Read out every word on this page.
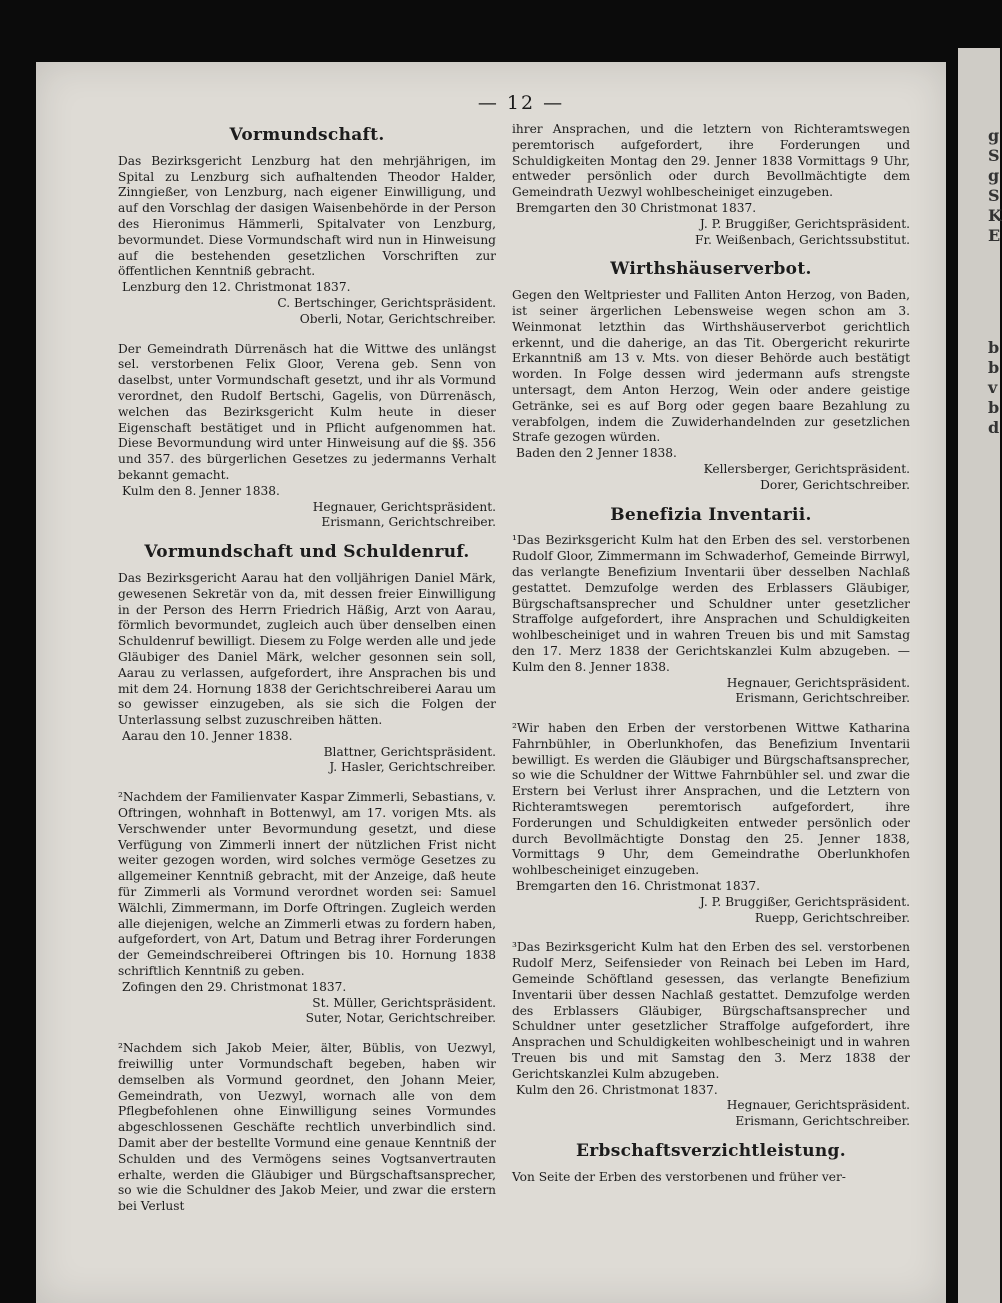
g
S
g
S
K
E
b
b
v
b
d
— 12 —
Vormundschaft.

Das Bezirksgericht Lenzburg hat den mehrjährigen, im Spital zu Lenzburg sich aufhaltenden Theodor Halder, Zinngießer, von Lenzburg, nach eigener Einwilligung, und auf den Vorschlag der dasigen Waisenbehörde in der Person des Hieronimus Hämmerli, Spitalvater von Lenzburg, bevormundet. Diese Vormundschaft wird nun in Hinweisung auf die bestehenden gesetzlichen Vorschriften zur öffentlichen Kenntniß gebracht.

Lenzburg den 12. Christmonat 1837.

C. Bertschinger, Gerichtspräsident.

Oberli, Notar, Gerichtschreiber.

Der Gemeindrath Dürrenäsch hat die Wittwe des unlängst sel. verstorbenen Felix Gloor, Verena geb. Senn von daselbst, unter Vormundschaft gesetzt, und ihr als Vormund verordnet, den Rudolf Bertschi, Gagelis, von Dürrenäsch, welchen das Bezirksgericht Kulm heute in dieser Eigenschaft bestätiget und in Pflicht aufgenommen hat. Diese Bevormundung wird unter Hinweisung auf die §§. 356 und 357. des bürgerlichen Gesetzes zu jedermanns Verhalt bekannt gemacht.

Kulm den 8. Jenner 1838.

Hegnauer, Gerichtspräsident.

Erismann, Gerichtschreiber.

Vormundschaft und Schuldenruf.

Das Bezirksgericht Aarau hat den volljährigen Daniel Märk, gewesenen Sekretär von da, mit dessen freier Einwilligung in der Person des Herrn Friedrich Häßig, Arzt von Aarau, förmlich bevormundet, zugleich auch über denselben einen Schuldenruf bewilligt. Diesem zu Folge werden alle und jede Gläubiger des Daniel Märk, welcher gesonnen sein soll, Aarau zu verlassen, aufgefordert, ihre Ansprachen bis und mit dem 24. Hornung 1838 der Gerichtschreiberei Aarau um so gewisser einzugeben, als sie sich die Folgen der Unterlassung selbst zuzuschreiben hätten.

Aarau den 10. Jenner 1838.

Blattner, Gerichtspräsident.

J. Hasler, Gerichtschreiber.

²Nachdem der Familienvater Kaspar Zimmerli, Sebastians, v. Oftringen, wohnhaft in Bottenwyl, am 17. vorigen Mts. als Verschwender unter Bevormundung gesetzt, und diese Verfügung von Zimmerli innert der nützlichen Frist nicht weiter gezogen worden, wird solches vermöge Gesetzes zu allgemeiner Kenntniß gebracht, mit der Anzeige, daß heute für Zimmerli als Vormund verordnet worden sei: Samuel Wälchli, Zimmermann, im Dorfe Oftringen. Zugleich werden alle diejenigen, welche an Zimmerli etwas zu fordern haben, aufgefordert, von Art, Datum und Betrag ihrer Forderungen der Gemeindschreiberei Oftringen bis 10. Hornung 1838 schriftlich Kenntniß zu geben.

Zofingen den 29. Christmonat 1837.

St. Müller, Gerichtspräsident.

Suter, Notar, Gerichtschreiber.

²Nachdem sich Jakob Meier, älter, Büblis, von Uezwyl, freiwillig unter Vormundschaft begeben, haben wir demselben als Vormund geordnet, den Johann Meier, Gemeindrath, von Uezwyl, wornach alle von dem Pflegbefohlenen ohne Einwilligung seines Vormundes abgeschlossenen Geschäfte rechtlich unverbindlich sind. Damit aber der bestellte Vormund eine genaue Kenntniß der Schulden und des Vermögens seines Vogtsanvertrauten erhalte, werden die Gläubiger und Bürgschaftsansprecher, so wie die Schuldner des Jakob Meier, und zwar die erstern bei Verlust

ihrer Ansprachen, und die letztern von Richteramtswegen peremtorisch aufgefordert, ihre Forderungen und Schuldigkeiten Montag den 29. Jenner 1838 Vormittags 9 Uhr, entweder persönlich oder durch Bevollmächtigte dem Gemeindrath Uezwyl wohlbescheiniget einzugeben.

Bremgarten den 30 Christmonat 1837.

J. P. Bruggißer, Gerichtspräsident.

Fr. Weißenbach, Gerichtssubstitut.

Wirthshäuserverbot.

Gegen den Weltpriester und Falliten Anton Herzog, von Baden, ist seiner ärgerlichen Lebensweise wegen schon am 3. Weinmonat letzthin das Wirthshäuserverbot gerichtlich erkennt, und die daherige, an das Tit. Obergericht rekurirte Erkanntniß am 13 v. Mts. von dieser Behörde auch bestätigt worden. In Folge dessen wird jedermann aufs strengste untersagt, dem Anton Herzog, Wein oder andere geistige Getränke, sei es auf Borg oder gegen baare Bezahlung zu verabfolgen, indem die Zuwiderhandelnden zur gesetzlichen Strafe gezogen würden.

Baden den 2 Jenner 1838.

Kellersberger, Gerichtspräsident.

Dorer, Gerichtschreiber.

Benefizia Inventarii.

¹Das Bezirksgericht Kulm hat den Erben des sel. verstorbenen Rudolf Gloor, Zimmermann im Schwaderhof, Gemeinde Birrwyl, das verlangte Benefizium Inventarii über desselben Nachlaß gestattet. Demzufolge werden des Erblassers Gläubiger, Bürgschaftsansprecher und Schuldner unter gesetzlicher Straffolge aufgefordert, ihre Ansprachen und Schuldigkeiten wohlbescheiniget und in wahren Treuen bis und mit Samstag den 17. Merz 1838 der Gerichtskanzlei Kulm abzugeben. — Kulm den 8. Jenner 1838.

Hegnauer, Gerichtspräsident.

Erismann, Gerichtschreiber.

²Wir haben den Erben der verstorbenen Wittwe Katharina Fahrnbühler, in Oberlunkhofen, das Benefizium Inventarii bewilligt. Es werden die Gläubiger und Bürgschaftsansprecher, so wie die Schuldner der Wittwe Fahrnbühler sel. und zwar die Erstern bei Verlust ihrer Ansprachen, und die Letztern von Richteramtswegen peremtorisch aufgefordert, ihre Forderungen und Schuldigkeiten entweder persönlich oder durch Bevollmächtigte Donstag den 25. Jenner 1838, Vormittags 9 Uhr, dem Gemeindrathe Oberlunkhofen wohlbescheiniget einzugeben.

Bremgarten den 16. Christmonat 1837.

J. P. Bruggißer, Gerichtspräsident.

Ruepp, Gerichtschreiber.

³Das Bezirksgericht Kulm hat den Erben des sel. verstorbenen Rudolf Merz, Seifensieder von Reinach bei Leben im Hard, Gemeinde Schöftland gesessen, das verlangte Benefizium Inventarii über dessen Nachlaß gestattet. Demzufolge werden des Erblassers Gläubiger, Bürgschaftsansprecher und Schuldner unter gesetzlicher Straffolge aufgefordert, ihre Ansprachen und Schuldigkeiten wohlbescheinigt und in wahren Treuen bis und mit Samstag den 3. Merz 1838 der Gerichtskanzlei Kulm abzugeben.

Kulm den 26. Christmonat 1837.

Hegnauer, Gerichtspräsident.

Erismann, Gerichtschreiber.

Erbschaftsverzichtleistung.

Von Seite der Erben des verstorbenen und früher ver-
